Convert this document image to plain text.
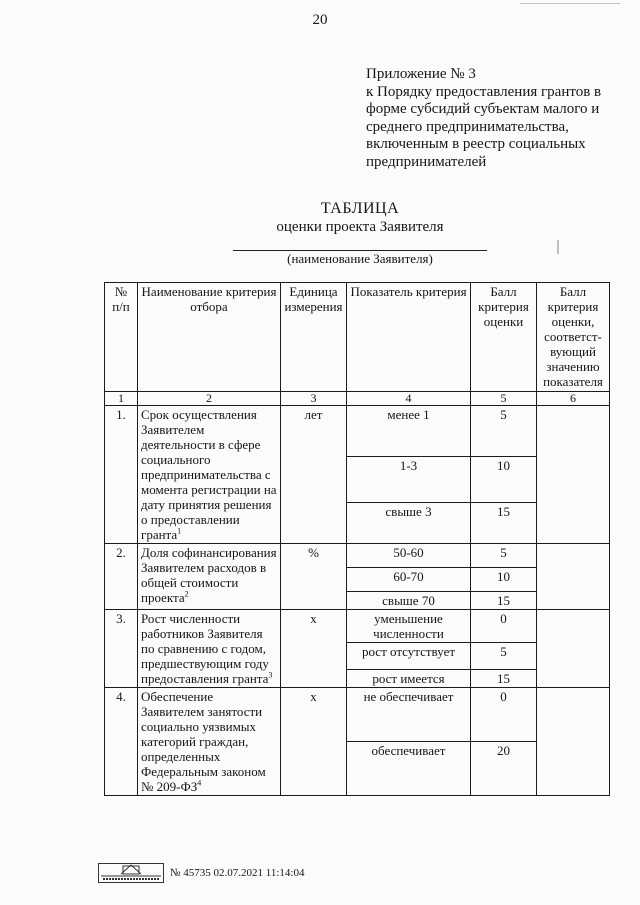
20
Приложение № 3
к Порядку предоставления грантов в
форме субсидий субъектам малого и
среднего предпринимательства,
включенным в реестр социальных
предпринимателей
ТАБЛИЦА
оценки проекта Заявителя
(наименование Заявителя)
№ п/п	Наименование критерия отбора	Единица измерения	Показатель критерия	Балл критерия оценки	Балл критерия оценки, соответст-вующий значению показателя
1	2	3	4	5	6
1.	Срок осуществления Заявителем деятельности в сфере социального предпринимательства с момента регистрации на дату принятия решения о предоставлении гранта$^1$	лет	менее 1	5	
			1-3	10	
			свыше 3	15	
2.	Доля софинансирования Заявителем расходов в общей стоимости проекта$^2$	%	50-60	5	
			60-70	10	
			свыше 70	15	
3.	Рост численности работников Заявителя по сравнению с годом, предшествующим году предоставления гранта$^3$	х	уменьшение численности	0	
			рост отсутствует	5	
			рост имеется	15	
4.	Обеспечение Заявителем занятости социально уязвимых категорий граждан, определенных Федеральным законом № $209-ФЗ^4$	х	не обеспечивает	0	
			обеспечивает	20	
№ 45735 02.07.2021 11:14:04
